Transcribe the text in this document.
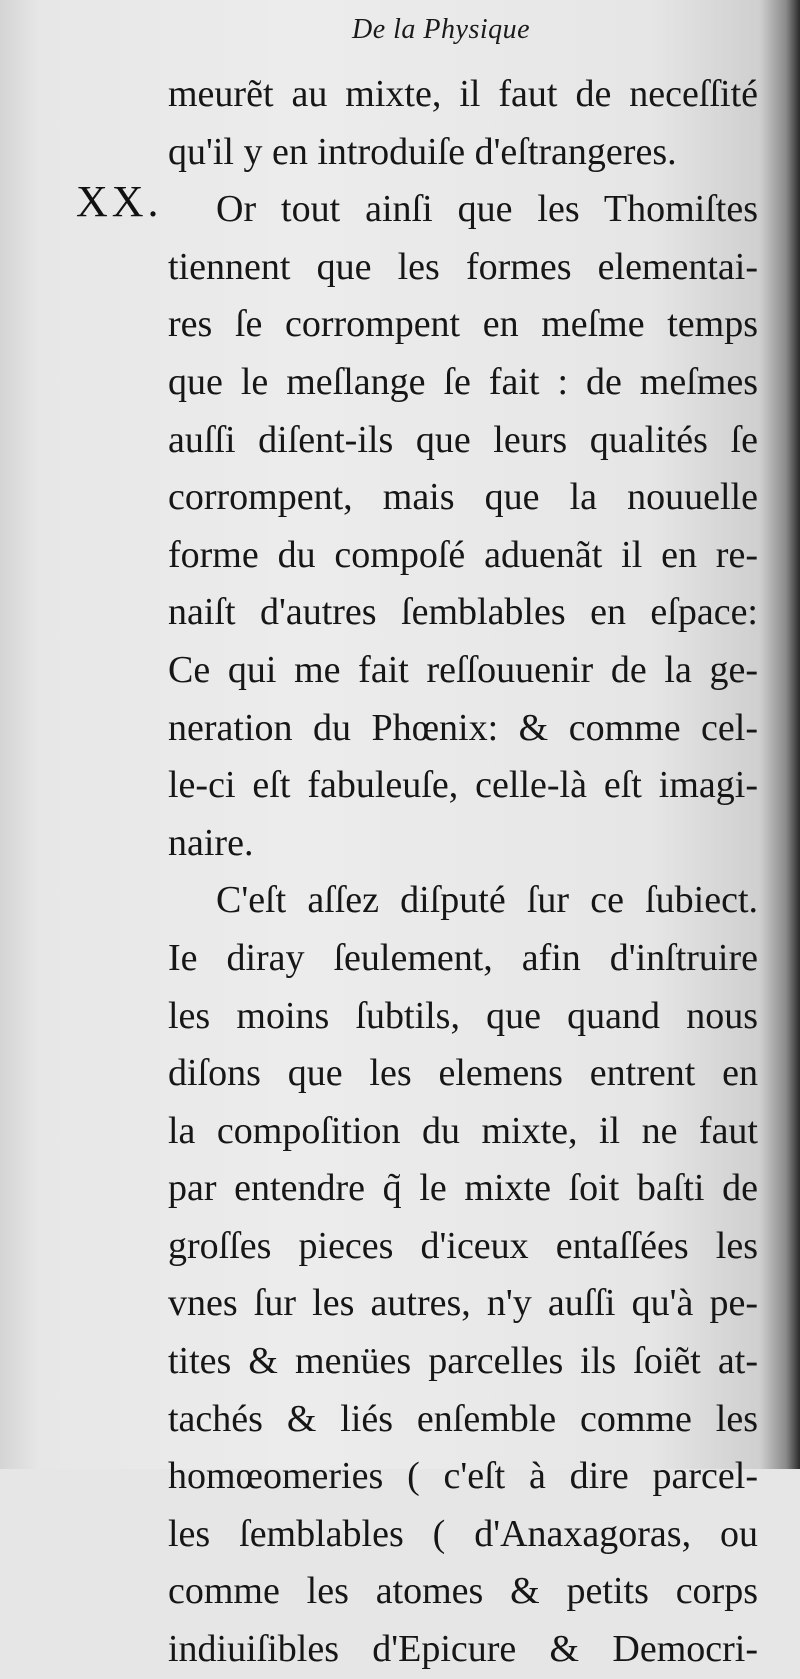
De la Physique
XX.
meurẽt au mixte, il faut de neceſſité
qu'il y en introduiſe d'eſtrangeres.
Or tout ainſi que les Thomiſtes
tiennent que les formes elementai-
res ſe corrompent en meſme temps
que le meſlange ſe fait : de meſmes
auſſi diſent-ils que leurs qualités ſe
corrompent, mais que la nouuelle
forme du compoſé aduenãt il en re-
naiſt d'autres ſemblables en eſpace:
Ce qui me fait reſſouuenir de la ge-
neration du Phœnix: & comme cel-
le-ci eſt fabuleuſe, celle-là eſt imagi-
naire.
C'eſt aſſez diſputé ſur ce ſubiect.
Ie diray ſeulement, afin d'inſtruire
les moins ſubtils, que quand nous
diſons que les elemens entrent en
la compoſition du mixte, il ne faut
par entendre q̃ le mixte ſoit baſti de
groſſes pieces d'iceux entaſſées les
vnes ſur les autres, n'y auſſi qu'à pe-
tites & menües parcelles ils ſoiẽt at-
tachés & liés enſemble comme les
homœomeries ( c'eſt à dire parcel-
les ſemblables ( d'Anaxagoras, ou
comme les atomes & petits corps
indiuiſibles d'Epicure & Democri-
